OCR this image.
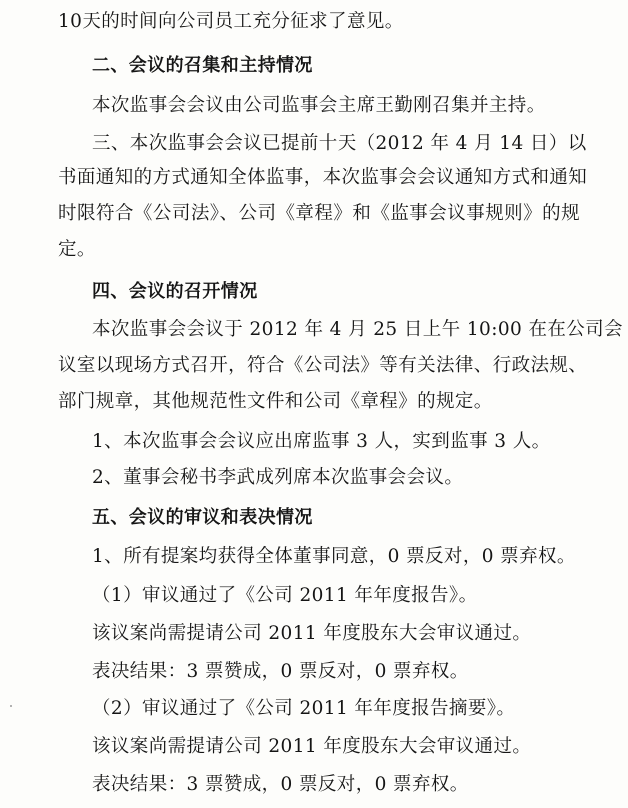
10天的时间向公司员工充分征求了意见。
二、会议的召集和主持情况
本次监事会会议由公司监事会主席王勤刚召集并主持。
三、本次监事会会议已提前十天（2012 年 4 月 14 日）以
书面通知的方式通知全体监事，本次监事会会议通知方式和通知
时限符合《公司法》、公司《章程》和《监事会议事规则》的规
定。
四、会议的召开情况
本次监事会会议于 2012 年 4 月 25 日上午 10:00 在在公司会
议室以现场方式召开，符合《公司法》等有关法律、行政法规、
部门规章，其他规范性文件和公司《章程》的规定。
1、本次监事会会议应出席监事 3 人，实到监事 3 人。
2、董事会秘书李武成列席本次监事会会议。
五、会议的审议和表决情况
1、所有提案均获得全体董事同意，0 票反对，0 票弃权。
（1）审议通过了《公司 2011 年年度报告》。
该议案尚需提请公司 2011 年度股东大会审议通过。
表决结果：3 票赞成，0 票反对，0 票弃权。
（2）审议通过了《公司 2011 年年度报告摘要》。
该议案尚需提请公司 2011 年度股东大会审议通过。
表决结果：3 票赞成，0 票反对，0 票弃权。
